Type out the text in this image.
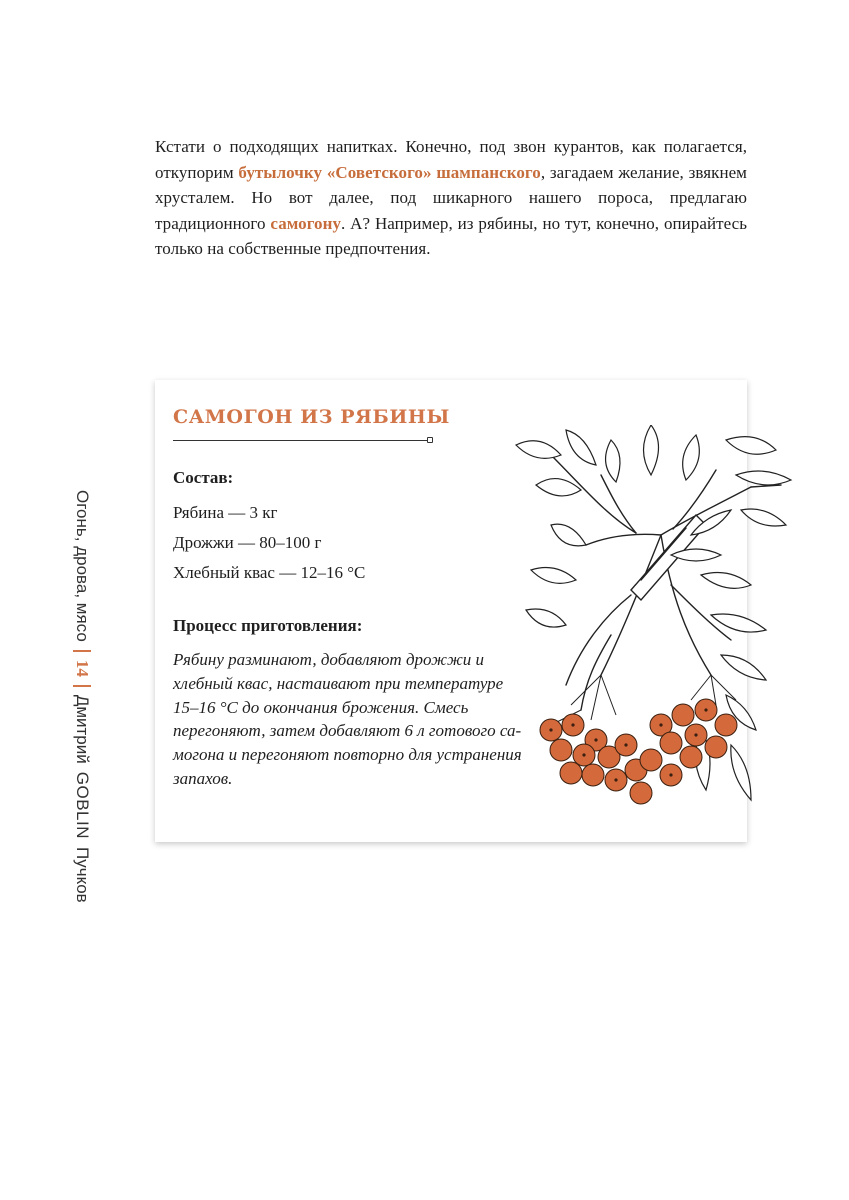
Кстати о подходящих напитках. Конечно, под звон курантов, как полагается, откупорим бутылочку «Советского» шампанского, загадаем желание, звякнем хрусталем. Но вот далее, под шикарного нашего пороса, предлагаю традиционного самогону. А? Например, из рябины, но тут, конечно, опирайтесь только на собственные предпочтения.
САМОГОН ИЗ РЯБИНЫ
Состав:
Рябина — 3 кг
Дрожжи — 80–100 г
Хлебный квас — 12–16 °С
Процесс приготовления:

Рябину разминают, добавляют дрожжи и хлебный квас, настаивают при температуре 15–16 °С до окончания брожения. Смесь перегоняют, затем добавляют 6 л готового самогона и перегоняют повторно для устранения запахов.

Огонь, дрова, мясо
14
Дмитрий
GOBLIN
Пучков
